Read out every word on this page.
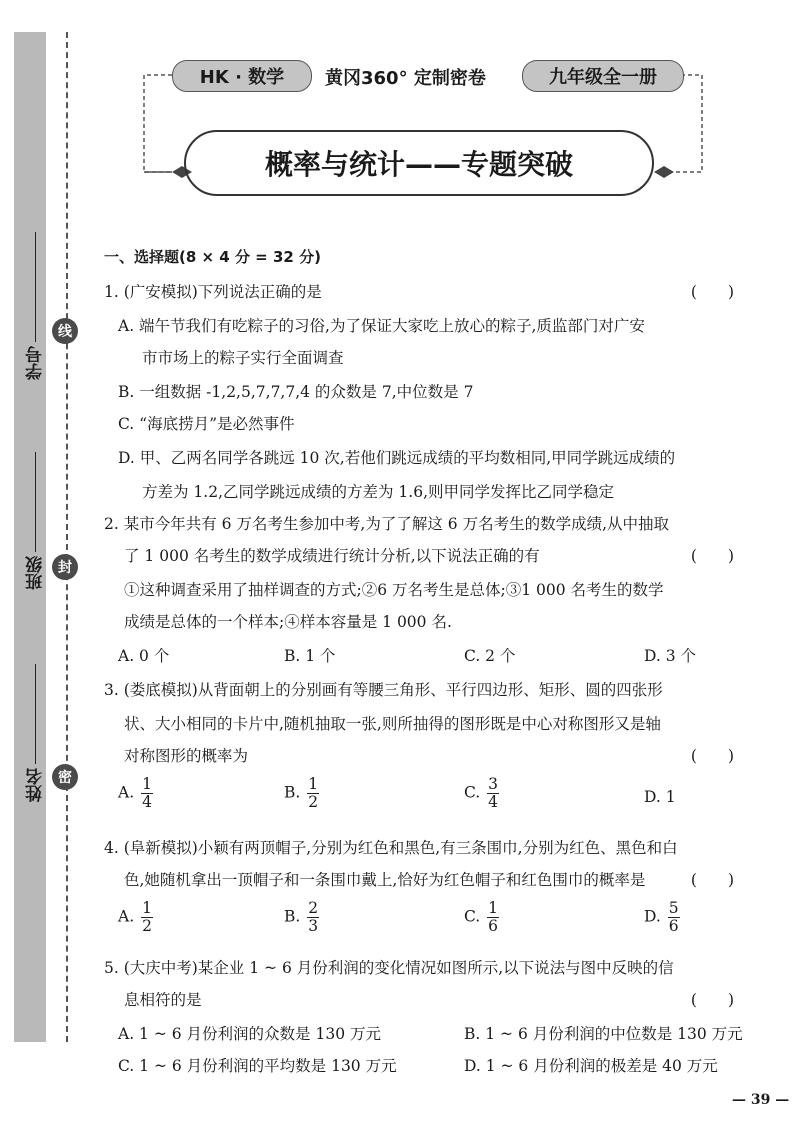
线
封
密
学号
班级
姓名
HK · 数学	黄冈360° 定制密卷	九年级全一册
概率与统计——专题突破
一、选择题(8 × 4 分 = 32 分)
1. (广安模拟)下列说法正确的是	(　　)
A. 端午节我们有吃粽子的习俗,为了保证大家吃上放心的粽子,质监部门对广安
市市场上的粽子实行全面调查
B. 一组数据 -1,2,5,7,7,7,4 的众数是 7,中位数是 7
C. “海底捞月”是必然事件
D. 甲、乙两名同学各跳远 10 次,若他们跳远成绩的平均数相同,甲同学跳远成绩的
方差为 1.2,乙同学跳远成绩的方差为 1.6,则甲同学发挥比乙同学稳定
2. 某市今年共有 6 万名考生参加中考,为了了解这 6 万名考生的数学成绩,从中抽取
了 1 000 名考生的数学成绩进行统计分析,以下说法正确的有	(　　)
①这种调查采用了抽样调查的方式;②6 万名考生是总体;③1 000 名考生的数学
成绩是总体的一个样本;④样本容量是 1 000 名.
A. 0 个	B. 1 个	C. 2 个	D. 3 个
3. (娄底模拟)从背面朝上的分别画有等腰三角形、平行四边形、矩形、圆的四张形
状、大小相同的卡片中,随机抽取一张,则所抽得的图形既是中心对称图形又是轴
对称图形的概率为	(　　)
A. $\frac{1}{4}$	B. $\frac{1}{2}$	C. $\frac{3}{4}$	D. 1
4. (阜新模拟)小颖有两顶帽子,分别为红色和黑色,有三条围巾,分别为红色、黑色和白
色,她随机拿出一顶帽子和一条围巾戴上,恰好为红色帽子和红色围巾的概率是	(　　)
A. $\frac{1}{2}$	B. $\frac{2}{3}$	C. $\frac{1}{6}$	D. $\frac{5}{6}$
5. (大庆中考)某企业 1 ~ 6 月份利润的变化情况如图所示,以下说法与图中反映的信
息相符的是	(　　)
A. 1 ~ 6 月份利润的众数是 130 万元	B. 1 ~ 6 月份利润的中位数是 130 万元
C. 1 ~ 6 月份利润的平均数是 130 万元	D. 1 ~ 6 月份利润的极差是 40 万元
— 39 —
